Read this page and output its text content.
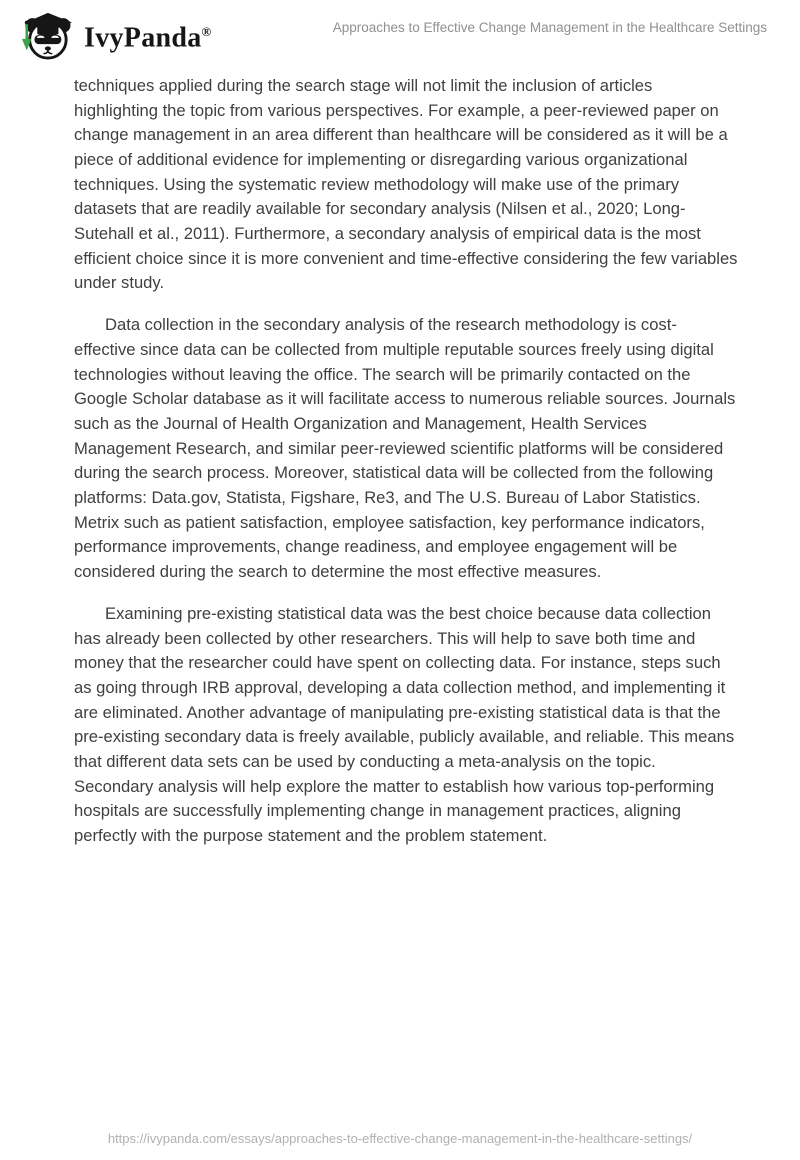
IvyPanda®	Approaches to Effective Change Management in the Healthcare Settings

techniques applied during the search stage will not limit the inclusion of articles highlighting the topic from various perspectives. For example, a peer-reviewed paper on change management in an area different than healthcare will be considered as it will be a piece of additional evidence for implementing or disregarding various organizational techniques. Using the systematic review methodology will make use of the primary datasets that are readily available for secondary analysis (Nilsen et al., 2020; Long-Sutehall et al., 2011). Furthermore, a secondary analysis of empirical data is the most efficient choice since it is more convenient and time-effective considering the few variables under study.

Data collection in the secondary analysis of the research methodology is cost-effective since data can be collected from multiple reputable sources freely using digital technologies without leaving the office. The search will be primarily contacted on the Google Scholar database as it will facilitate access to numerous reliable sources. Journals such as the Journal of Health Organization and Management, Health Services Management Research, and similar peer-reviewed scientific platforms will be considered during the search process. Moreover, statistical data will be collected from the following platforms: Data.gov, Statista, Figshare, Re3, and The U.S. Bureau of Labor Statistics. Metrix such as patient satisfaction, employee satisfaction, key performance indicators, performance improvements, change readiness, and employee engagement will be considered during the search to determine the most effective measures.

Examining pre-existing statistical data was the best choice because data collection has already been collected by other researchers. This will help to save both time and money that the researcher could have spent on collecting data. For instance, steps such as going through IRB approval, developing a data collection method, and implementing it are eliminated. Another advantage of manipulating pre-existing statistical data is that the pre-existing secondary data is freely available, publicly available, and reliable. This means that different data sets can be used by conducting a meta-analysis on the topic. Secondary analysis will help explore the matter to establish how various top-performing hospitals are successfully implementing change in management practices, aligning perfectly with the purpose statement and the problem statement.

https://ivypanda.com/essays/approaches-to-effective-change-management-in-the-healthcare-settings/
